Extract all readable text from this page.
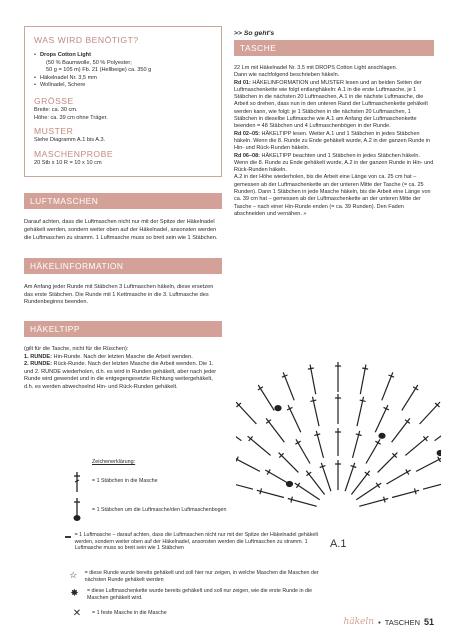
WAS WIRD BENÖTIGT?
• Drops Cotton Light
(50 % Baumwolle, 50 % Polyester;
50 g = 105 m) Fb. 21 (Hellbeige) ca. 350 g
• Häkelnadel Nr. 3,5 mm
• Wollnadel, Schere
GRÖSSE

Breite: ca. 30 cm.

Höhe: ca. 39 cm ohne Träger.

MUSTER

Siehe Diagramm A.1 bis A.3.

MASCHENPROBE

20 Stb x 10 R = 10 x 10 cm

LUFTMASCHEN

Darauf achten, dass die Luftmaschen nicht nur mit der Spitze der Häkelnadel gehäkelt werden, sondern weiter oben auf der Häkelnadel, ansonsten werden die Luftmaschen zu stramm. 1 Luftmasche muss so breit sein wie 1 Stäbchen.

HÄKELINFORMATION

Am Anfang jeder Runde mit Stäbchen 3 Luftmaschen häkeln, diese ersetzen das erste Stäbchen. Die Runde mit 1 Kettmasche in die 3. Luftmasche des Rundenbeginns beenden.

HÄKELTIPP

(gilt für die Tasche, nicht für die Rüschen):

1. RUNDE: Hin-Runde. Nach der letzten Masche die Arbeit wenden.

2. RUNDE: Rück-Runde. Nach der letzten Masche die Arbeit wenden. Die 1. und 2. RUNDE wiederholen, d.h. es wird in Runden gehäkelt, aber nach jeder Runde wird gewendet und in die entgegengesetzte Richtung weitergehäkelt, d.h. es werden abwechselnd Hin- und Rück-Runden gehäkelt.

>> So geht's
TASCHE

22 Lm mit Häkelnadel Nr. 3.5 mit DROPS Cotton Light anschlagen.

Dann wie nachfolgend beschrieben häkeln.

Rd 01: HÄKELINFORMATION und MUSTER lesen und an beiden Seiten der Luftmaschenkette wie folgt entlanghäkeln: A.1 in die erste Luftmasche, je 1 Stäbchen in die nächsten 20 Luftmaschen, A.1 in die nächste Luftmasche, die Arbeit so drehen, dass nun in den unteren Rand der Luftmaschenkette gehäkelt werden kann, wie folgt: je 1 Stäbchen in die nächsten 20 Luftmaschen, 1 Stäbchen in dieselbe Luftmasche wie A.1 am Anfang der Luftmaschenkette beenden = 48 Stäbchen und 4 Luftmaschenbögen in der Runde.

Rd 02–05: HÄKELTIPP lesen. Weiter A.1 und 1 Stäbchen in jedes Stäbchen häkeln. Wenn die 8. Runde zu Ende gehäkelt wurde, A.2 in der ganzen Runde in Hin- und Rück-Runden häkeln.

Rd 06–08: HÄKELTIPP beachten und 1 Stäbchen in jedes Stäbchen häkeln. Wenn die 8. Runde zu Ende gehäkelt wurde, A.2 in der ganzen Runde in Hin- und Rück-Runden häkeln.

A.2 in der Höhe wiederholen, bis die Arbeit eine Länge von ca. 25 cm hat – gemessen ab der Luftmaschenkette an der unteren Mitte der Tasche (= ca. 25 Runden). Dann 1 Stäbchen in jede Masche häkeln, bis die Arbeit eine Länge von ca. 39 cm hat – gemessen ab der Luftmaschenkette an der unteren Mitte der Tasche – nach einer Hin-Runde enden (= ca. 39 Runden). Den Faden abschneiden und vernähen. »

A.1
Zeichenerklärung:
= 1 Stäbchen in die Masche
= 1 Stäbchen um die Luftmasche/den Luftmaschenbogen
= 1 Luftmasche – darauf achten, dass die Luftmaschen nicht nur mit der Spitze der Häkelnadel gehäkelt werden, sondern weiter oben auf der Häkelnadel, ansonsten werden die Luftmaschen zu stramm. 1 Luftmasche muss so breit sein wie 1 Stäbchen
☆ = diese Runde wurde bereits gehäkelt und soll hier nur zeigen, in welche Maschen die Maschen der nächsten Runde gehäkelt werden
✸ = diese Luftmaschenkette wurde bereits gehäkelt und soll nur zeigen, wie die erste Runde in die Maschen gehäkelt wird.
✕ = 1 feste Masche in die Masche
häkeln • TASCHEN 51
